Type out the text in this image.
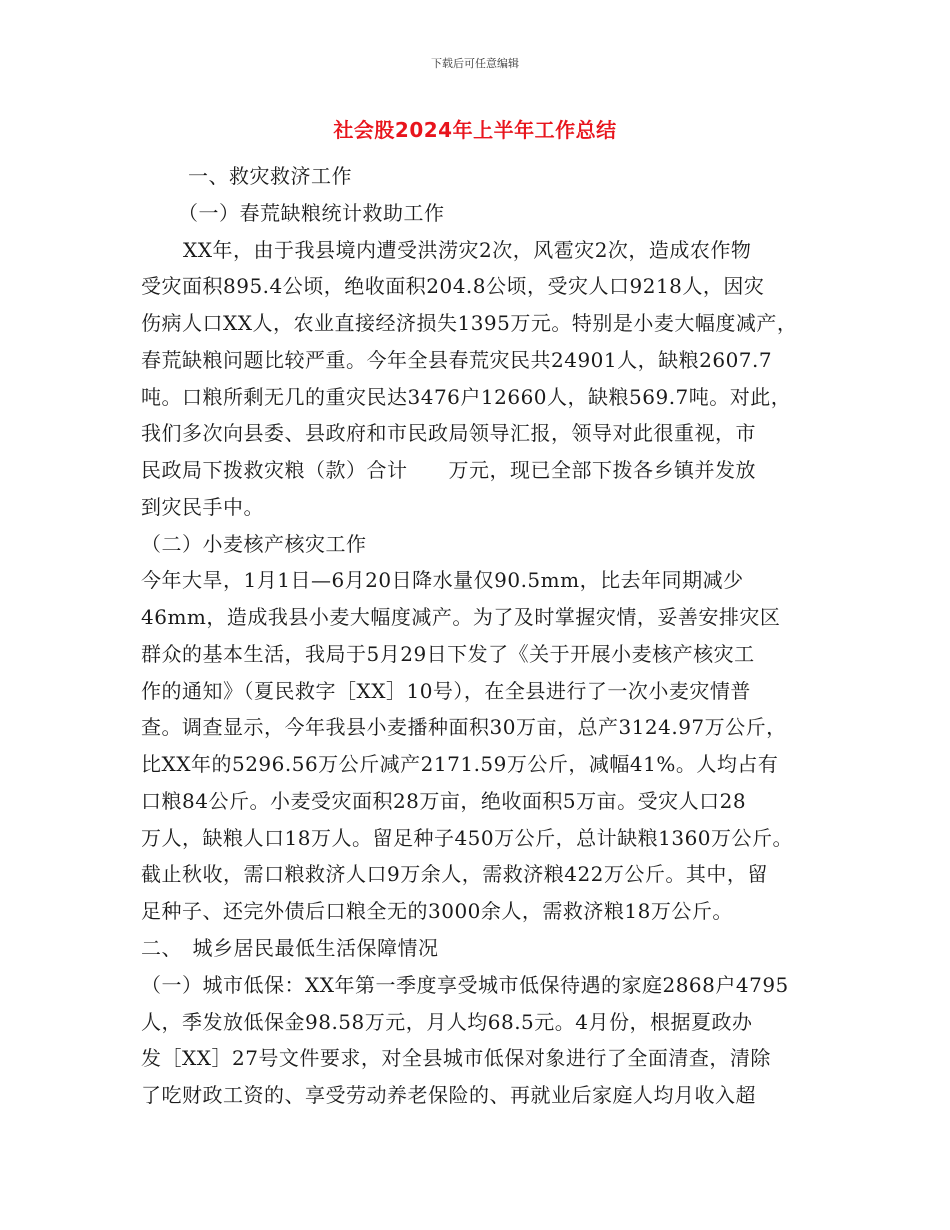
下载后可任意编辑
社会股2024年上半年工作总结
一、救灾救济工作
（一）春荒缺粮统计救助工作
XX年，由于我县境内遭受洪涝灾2次，风雹灾2次，造成农作物
受灾面积895.4公顷，绝收面积204.8公顷，受灾人口9218人，因灾
伤病人口XX人，农业直接经济损失1395万元。特别是小麦大幅度减产，
春荒缺粮问题比较严重。今年全县春荒灾民共24901人，缺粮2607.7
吨。口粮所剩无几的重灾民达3476户12660人，缺粮569.7吨。对此，
我们多次向县委、县政府和市民政局领导汇报，领导对此很重视，市
民政局下拨救灾粮（款）合计　　万元，现已全部下拨各乡镇并发放
到灾民手中。
（二）小麦核产核灾工作
今年大旱，1月1日—6月20日降水量仅90.5mm，比去年同期减少
46mm，造成我县小麦大幅度减产。为了及时掌握灾情，妥善安排灾区
群众的基本生活，我局于5月29日下发了《关于开展小麦核产核灾工
作的通知》（夏民救字［XX］10号），在全县进行了一次小麦灾情普
查。调查显示，今年我县小麦播种面积30万亩，总产3124.97万公斤，
比XX年的5296.56万公斤减产2171.59万公斤，减幅41%。人均占有
口粮84公斤。小麦受灾面积28万亩，绝收面积5万亩。受灾人口28
万人，缺粮人口18万人。留足种子450万公斤，总计缺粮1360万公斤。
截止秋收，需口粮救济人口9万余人，需救济粮422万公斤。其中，留
足种子、还完外债后口粮全无的3000余人，需救济粮18万公斤。
二、　城乡居民最低生活保障情况
（一）城市低保：XX年第一季度享受城市低保待遇的家庭2868户4795
人，季发放低保金98.58万元，月人均68.5元。4月份，根据夏政办
发［XX］27号文件要求，对全县城市低保对象进行了全面清查，清除
了吃财政工资的、享受劳动养老保险的、再就业后家庭人均月收入超
